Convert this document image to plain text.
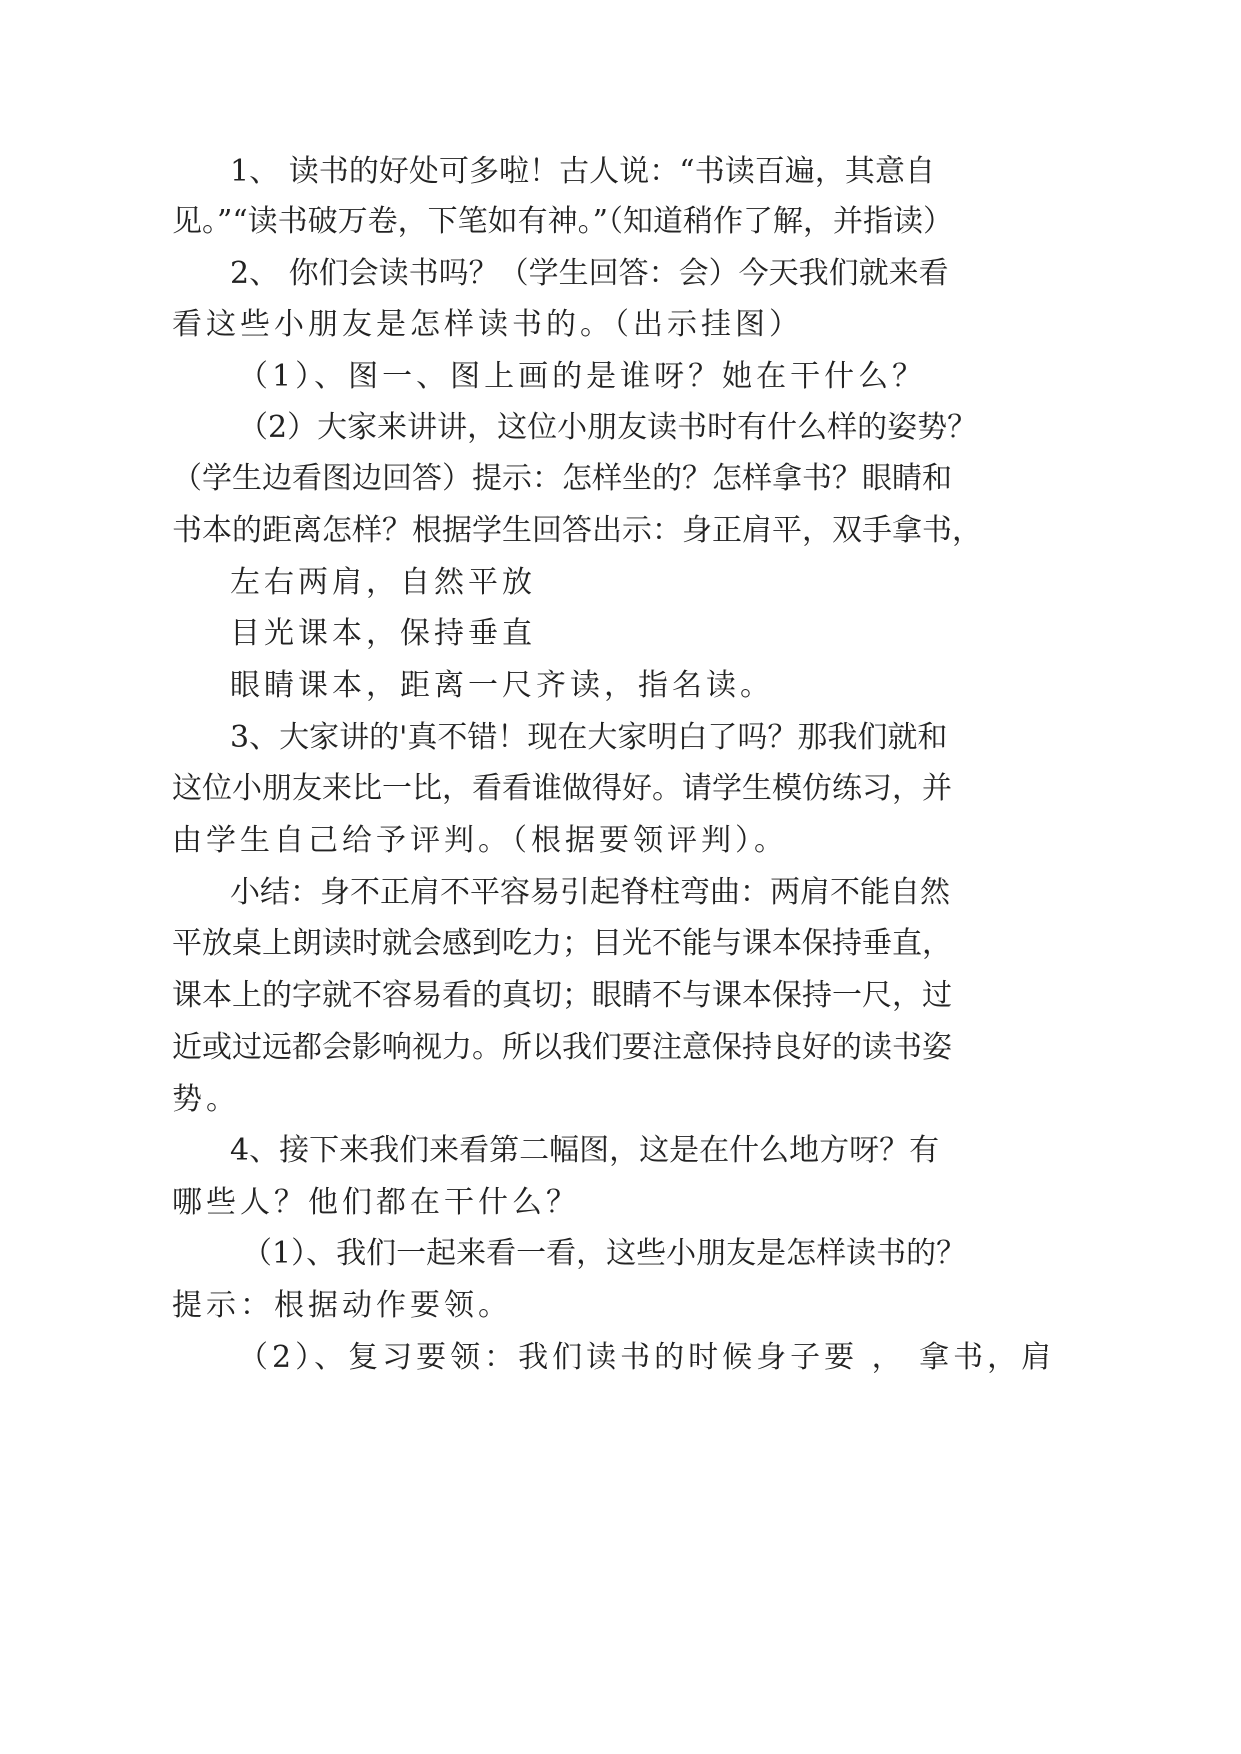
1、 读书的好处可多啦！古人说：“书读百遍，其意自
见。”“读书破万卷，下笔如有神。”（知道稍作了解，并指读）
2、 你们会读书吗？（学生回答：会）今天我们就来看
看这些小朋友是怎样读书的。（出示挂图）
（1）、图一、图上画的是谁呀？她在干什么？
（2）大家来讲讲，这位小朋友读书时有什么样的姿势？
（学生边看图边回答）提示：怎样坐的？怎样拿书？眼睛和
书本的距离怎样？根据学生回答出示：身正肩平，双手拿书，
左右两肩，自然平放
目光课本，保持垂直
眼睛课本，距离一尺齐读，指名读。
3、大家讲的'真不错！现在大家明白了吗？那我们就和
这位小朋友来比一比，看看谁做得好。请学生模仿练习，并
由学生自己给予评判。（根据要领评判）。
小结：身不正肩不平容易引起脊柱弯曲：两肩不能自然
平放桌上朗读时就会感到吃力；目光不能与课本保持垂直，
课本上的字就不容易看的真切；眼睛不与课本保持一尺，过
近或过远都会影响视力。所以我们要注意保持良好的读书姿
势。
4、接下来我们来看第二幅图，这是在什么地方呀？有
哪些人？他们都在干什么？
（1）、我们一起来看一看，这些小朋友是怎样读书的？
提示：根据动作要领。
（2）、复习要领：我们读书的时候身子要 ， 拿书，肩
